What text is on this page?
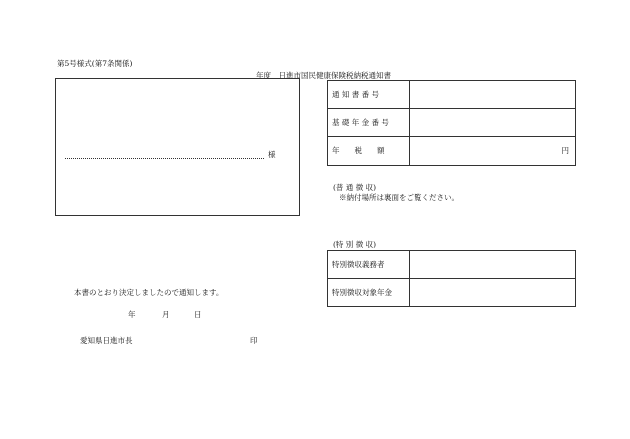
第5号様式(第7条関係)
年度　日進市国民健康保険税納税通知書
様
通 知 書 番 号
基 礎 年 金 番 号
年　　税　　額	円
(普 通 徴 収)
※納付場所は裏面をご覧ください。
(特 別 徴 収)
特別徴収義務者
特別徴収対象年金
本書のとおり決定しましたので通知します。
年	月	日
愛知県日進市長	印
